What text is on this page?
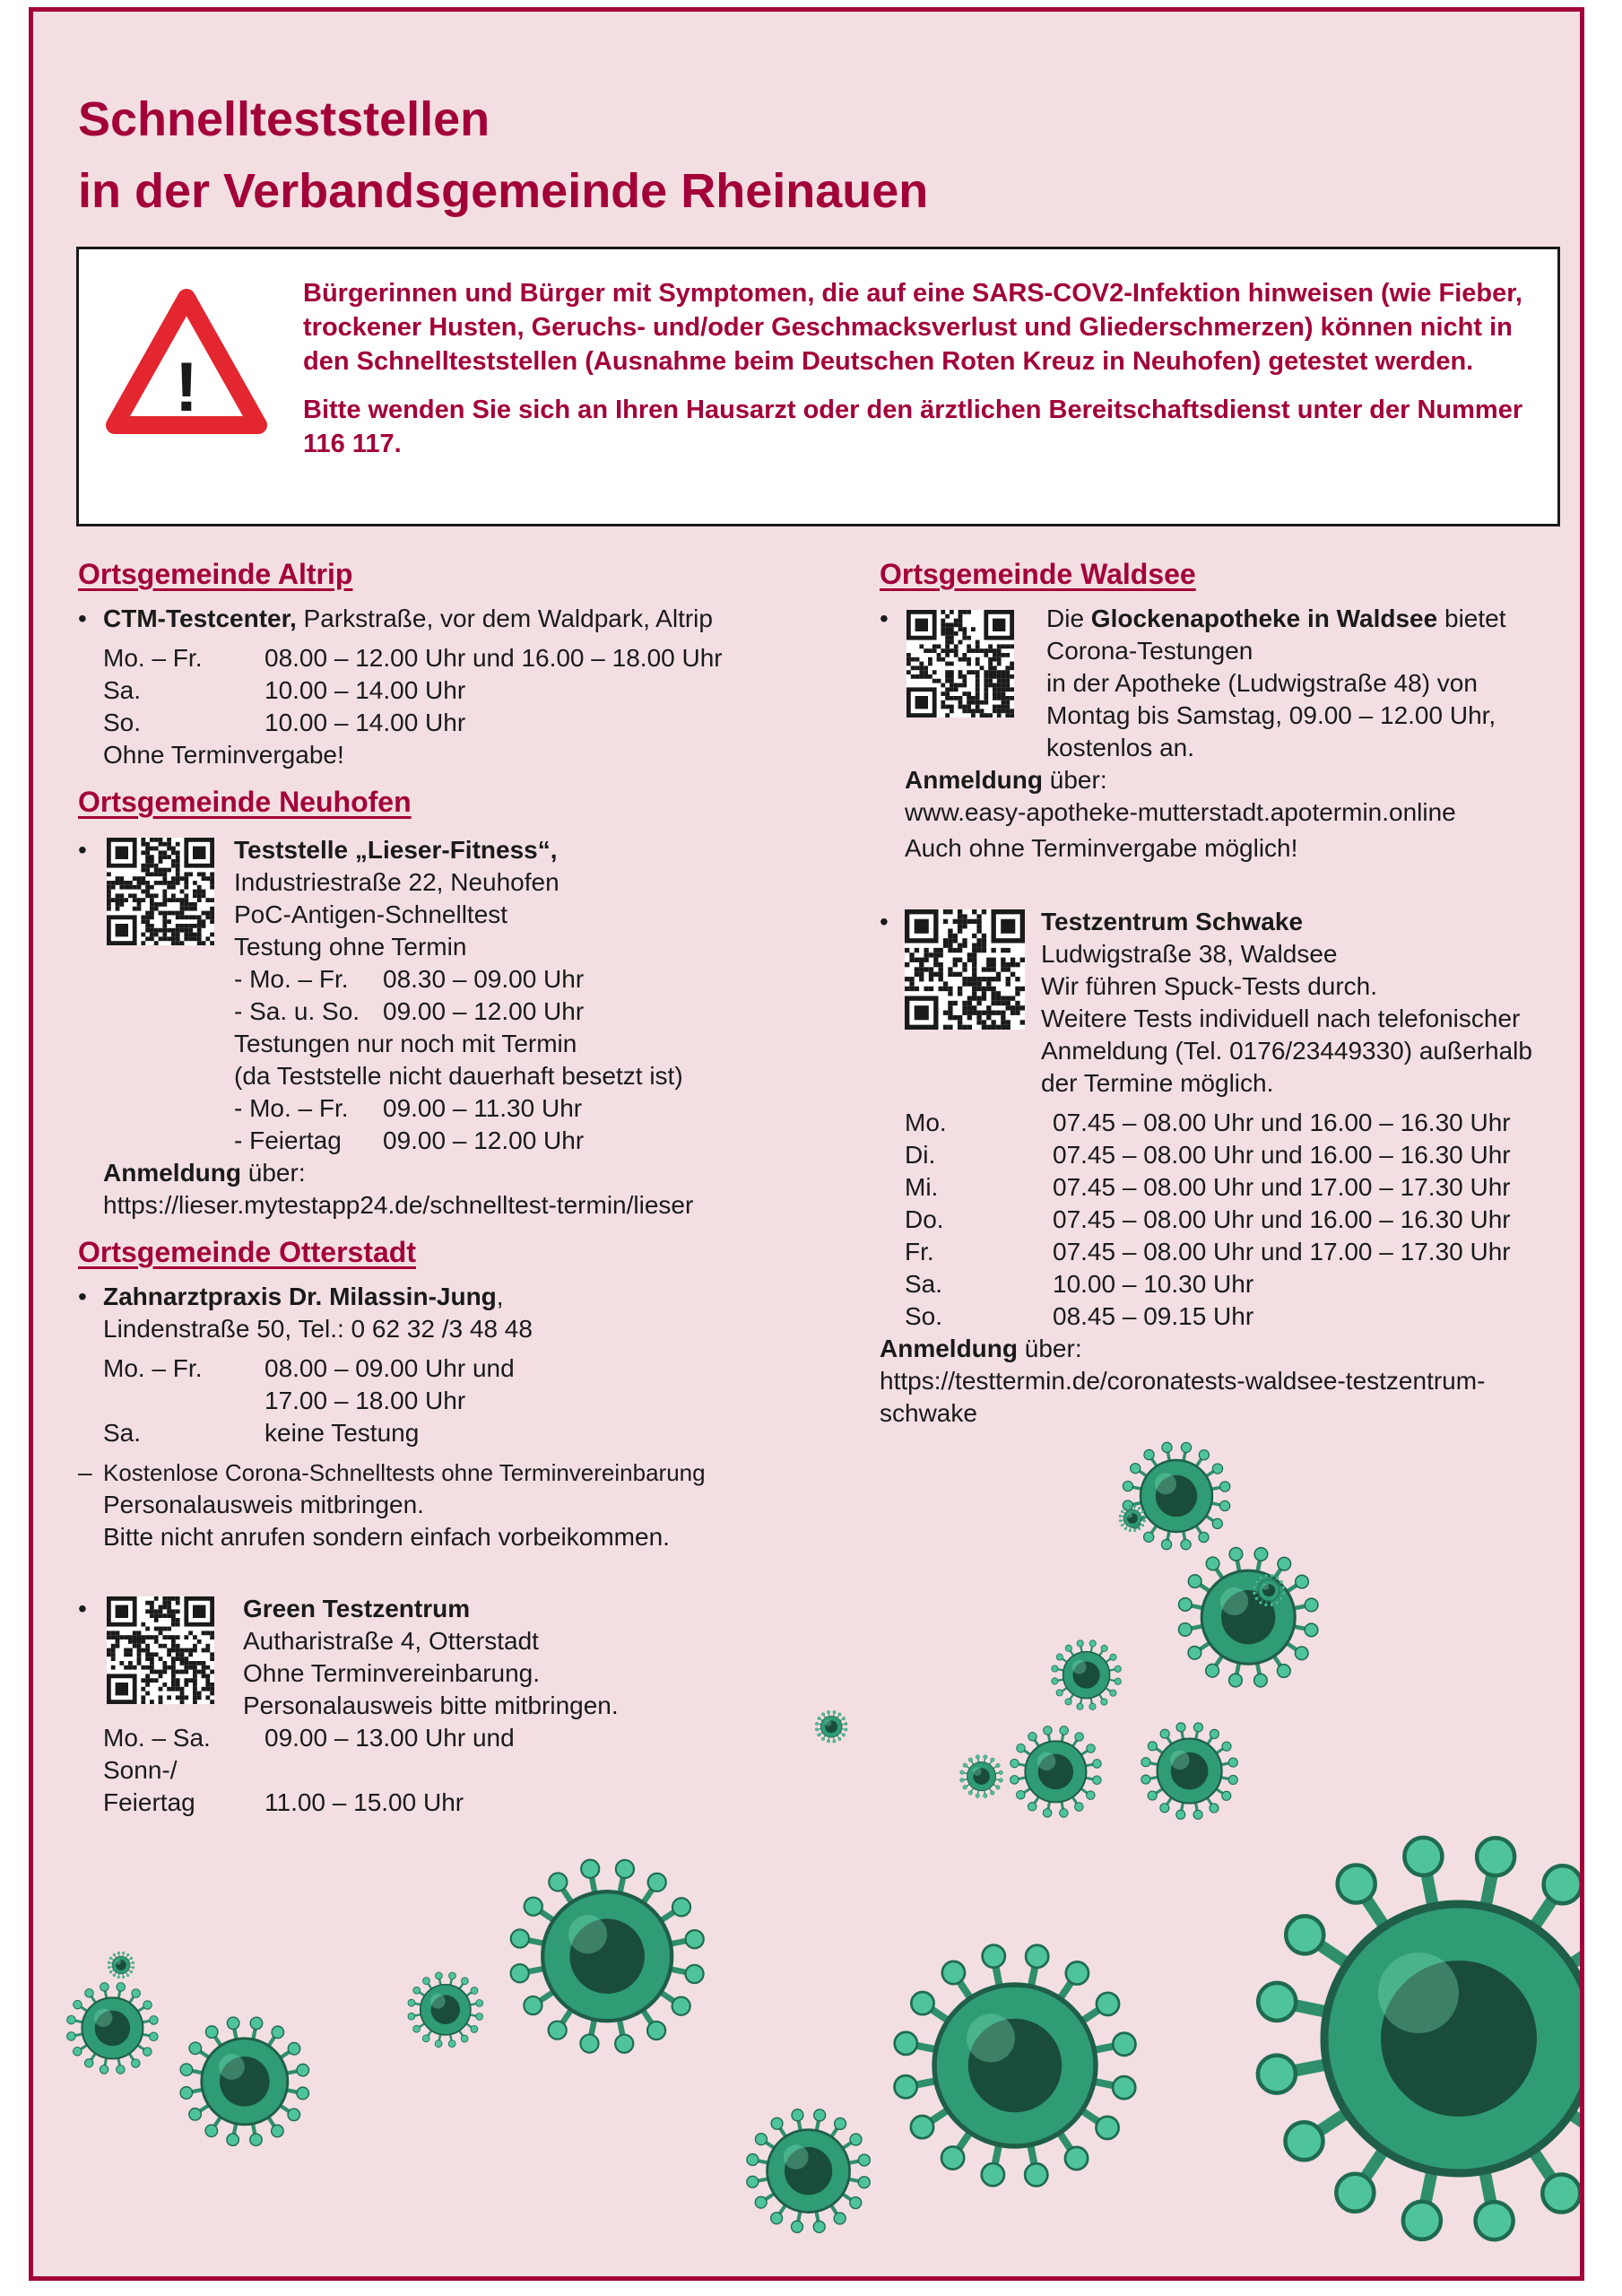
Schnellteststellen
in der Verbandsgemeinde Rheinauen
!

Bürgerinnen und Bürger mit Symptomen, die auf eine SARS-COV2-Infektion hinweisen (wie Fieber, trockener Husten, Geruchs- und/oder Geschmacksverlust und Gliederschmerzen) können nicht in den Schnellteststellen (Ausnahme beim Deutschen Roten Kreuz in Neuhofen) getestet werden.

Bitte wenden Sie sich an Ihren Hausarzt oder den ärztlichen Bereitschaftsdienst unter der Nummer 116 117.

Ortsgemeinde Altrip
• CTM-Testcenter, Parkstraße, vor dem Waldpark, Altrip
Mo. – Fr.	08.00 – 12.00 Uhr und 16.00 – 18.00 Uhr
Sa.	10.00 – 14.00 Uhr
So.	10.00 – 14.00 Uhr
Ohne Terminvergabe!
Ortsgemeinde Neuhofen
•	Teststelle „Lieser-Fitness“,
Industriestraße 22, Neuhofen
PoC-Antigen-Schnelltest
Testung ohne Termin
- Mo. – Fr.	08.30 – 09.00 Uhr
- Sa. u. So. 09.00 – 12.00 Uhr
Testungen nur noch mit Termin
(da Teststelle nicht dauerhaft besetzt ist)
- Mo. – Fr.	09.00 – 11.30 Uhr
- Feiertag	09.00 – 12.00 Uhr
Anmeldung über:
https://lieser.mytestapp24.de/schnelltest-termin/lieser
Ortsgemeinde Otterstadt
• Zahnarztpraxis Dr. Milassin-Jung,
Lindenstraße 50, Tel.: 0 62 32 /3 48 48
Mo. – Fr.	08.00 – 09.00 Uhr und
17.00 – 18.00 Uhr
Sa.	keine Testung
– Kostenlose Corona-Schnelltests ohne Terminvereinbarung
Personalausweis mitbringen.
Bitte nicht anrufen sondern einfach vorbeikommen.
•	Green Testzentrum
Autharistraße 4, Otterstadt
Ohne Terminvereinbarung.
Personalausweis bitte mitbringen.
Mo. – Sa.	09.00 – 13.00 Uhr und
Sonn-/
Feiertag	11.00 – 15.00 Uhr
Ortsgemeinde Waldsee
•	Die Glockenapotheke in Waldsee bietet
Corona-Testungen
in der Apotheke (Ludwigstraße 48) von
Montag bis Samstag, 09.00 – 12.00 Uhr,
kostenlos an.
Anmeldung über:
www.easy-apotheke-mutterstadt.apotermin.online
Auch ohne Terminvergabe möglich!
•	Testzentrum Schwake
Ludwigstraße 38, Waldsee
Wir führen Spuck-Tests durch.
Weitere Tests individuell nach telefonischer
Anmeldung (Tel. 0176/23449330) außerhalb
der Termine möglich.
Mo.	07.45 – 08.00 Uhr und 16.00 – 16.30 Uhr
Di.	07.45 – 08.00 Uhr und 16.00 – 16.30 Uhr
Mi.	07.45 – 08.00 Uhr und 17.00 – 17.30 Uhr
Do.	07.45 – 08.00 Uhr und 16.00 – 16.30 Uhr
Fr.	07.45 – 08.00 Uhr und 17.00 – 17.30 Uhr
Sa.	10.00 – 10.30 Uhr
So.	08.45 – 09.15 Uhr
Anmeldung über:
https://testtermin.de/coronatests-waldsee-testzentrum-
schwake
